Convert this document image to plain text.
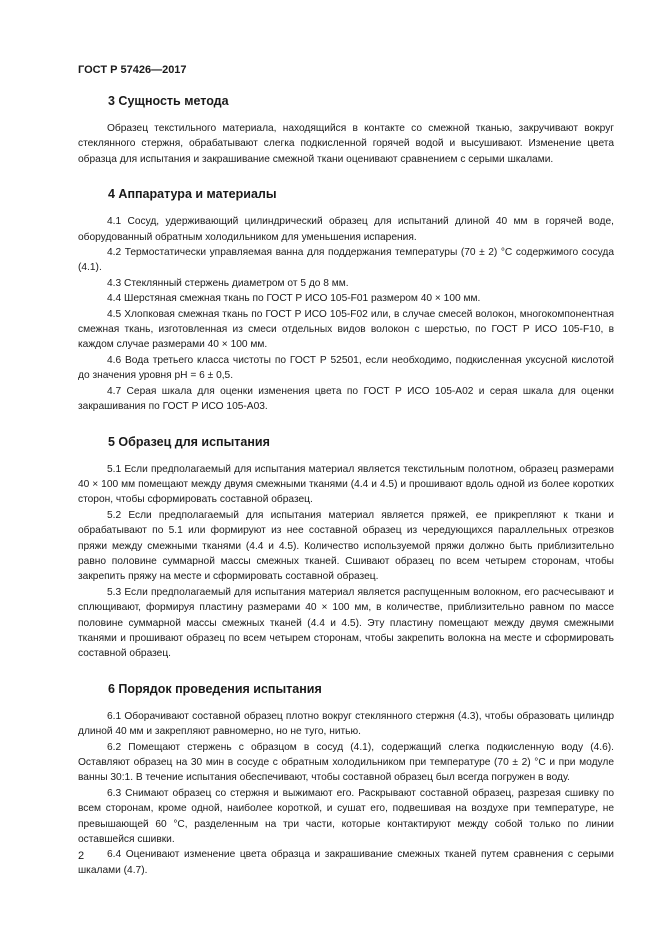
ГОСТ Р 57426—2017
3 Сущность метода

Образец текстильного материала, находящийся в контакте со смежной тканью, закручивают вокруг стеклянного стержня, обрабатывают слегка подкисленной горячей водой и высушивают. Изменение цвета образца для испытания и закрашивание смежной ткани оценивают сравнением с серыми шкалами.

4 Аппаратура и материалы

4.1 Сосуд, удерживающий цилиндрический образец для испытаний длиной 40 мм в горячей воде, оборудованный обратным холодильником для уменьшения испарения.

4.2 Термостатически управляемая ванна для поддержания температуры (70 ± 2) °С содержимого сосуда (4.1).

4.3 Стеклянный стержень диаметром от 5 до 8 мм.

4.4 Шерстяная смежная ткань по ГОСТ Р ИСО 105-F01 размером 40 × 100 мм.

4.5 Хлопковая смежная ткань по ГОСТ Р ИСО 105-F02 или, в случае смесей волокон, многокомпонентная смежная ткань, изготовленная из смеси отдельных видов волокон с шерстью, по ГОСТ Р ИСО 105-F10, в каждом случае размерами 40 × 100 мм.

4.6 Вода третьего класса чистоты по ГОСТ Р 52501, если необходимо, подкисленная уксусной кислотой до значения уровня pH = 6 ± 0,5.

4.7 Серая шкала для оценки изменения цвета по ГОСТ Р ИСО 105-А02 и серая шкала для оценки закрашивания по ГОСТ Р ИСО 105-А03.

5 Образец для испытания

5.1 Если предполагаемый для испытания материал является текстильным полотном, образец размерами 40 × 100 мм помещают между двумя смежными тканями (4.4 и 4.5) и прошивают вдоль одной из более коротких сторон, чтобы сформировать составной образец.

5.2 Если предполагаемый для испытания материал является пряжей, ее прикрепляют к ткани и обрабатывают по 5.1 или формируют из нее составной образец из чередующихся параллельных отрезков пряжи между смежными тканями (4.4 и 4.5). Количество используемой пряжи должно быть приблизительно равно половине суммарной массы смежных тканей. Сшивают образец по всем четырем сторонам, чтобы закрепить пряжу на месте и сформировать составной образец.

5.3 Если предполагаемый для испытания материал является распущенным волокном, его расчесывают и сплющивают, формируя пластину размерами 40 × 100 мм, в количестве, приблизительно равном по массе половине суммарной массы смежных тканей (4.4 и 4.5). Эту пластину помещают между двумя смежными тканями и прошивают образец по всем четырем сторонам, чтобы закрепить волокна на месте и сформировать составной образец.

6 Порядок проведения испытания

6.1 Оборачивают составной образец плотно вокруг стеклянного стержня (4.3), чтобы образовать цилиндр длиной 40 мм и закрепляют равномерно, но не туго, нитью.

6.2 Помещают стержень с образцом в сосуд (4.1), содержащий слегка подкисленную воду (4.6). Оставляют образец на 30 мин в сосуде с обратным холодильником при температуре (70 ± 2) °С и при модуле ванны 30:1. В течение испытания обеспечивают, чтобы составной образец был всегда погружен в воду.

6.3 Снимают образец со стержня и выжимают его. Раскрывают составной образец, разрезая сшивку по всем сторонам, кроме одной, наиболее короткой, и сушат его, подвешивая на воздухе при температуре, не превышающей 60 °С, разделенным на три части, которые контактируют между собой только по линии оставшейся сшивки.

6.4 Оценивают изменение цвета образца и закрашивание смежных тканей путем сравнения с серыми шкалами (4.7).

2
